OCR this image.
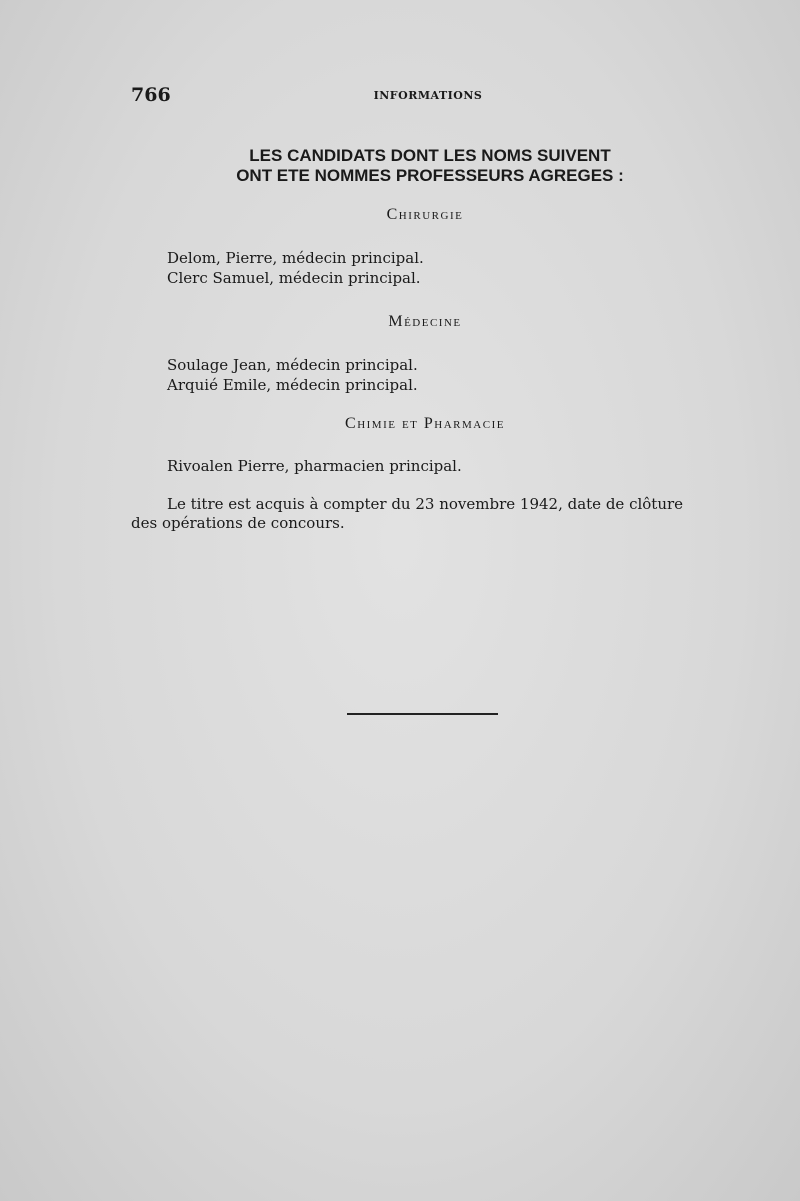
766	INFORMATIONS
LES CANDIDATS DONT LES NOMS SUIVENT
ONT ETE NOMMES PROFESSEURS AGREGES :
Chirurgie
Delom, Pierre, médecin principal.
Clerc Samuel, médecin principal.
Médecine
Soulage Jean, médecin principal.
Arquié Emile, médecin principal.
Chimie et Pharmacie
Rivoalen Pierre, pharmacien principal.
Le titre est acquis à compter du 23 novembre 1942, date de clôture
des opérations de concours.
